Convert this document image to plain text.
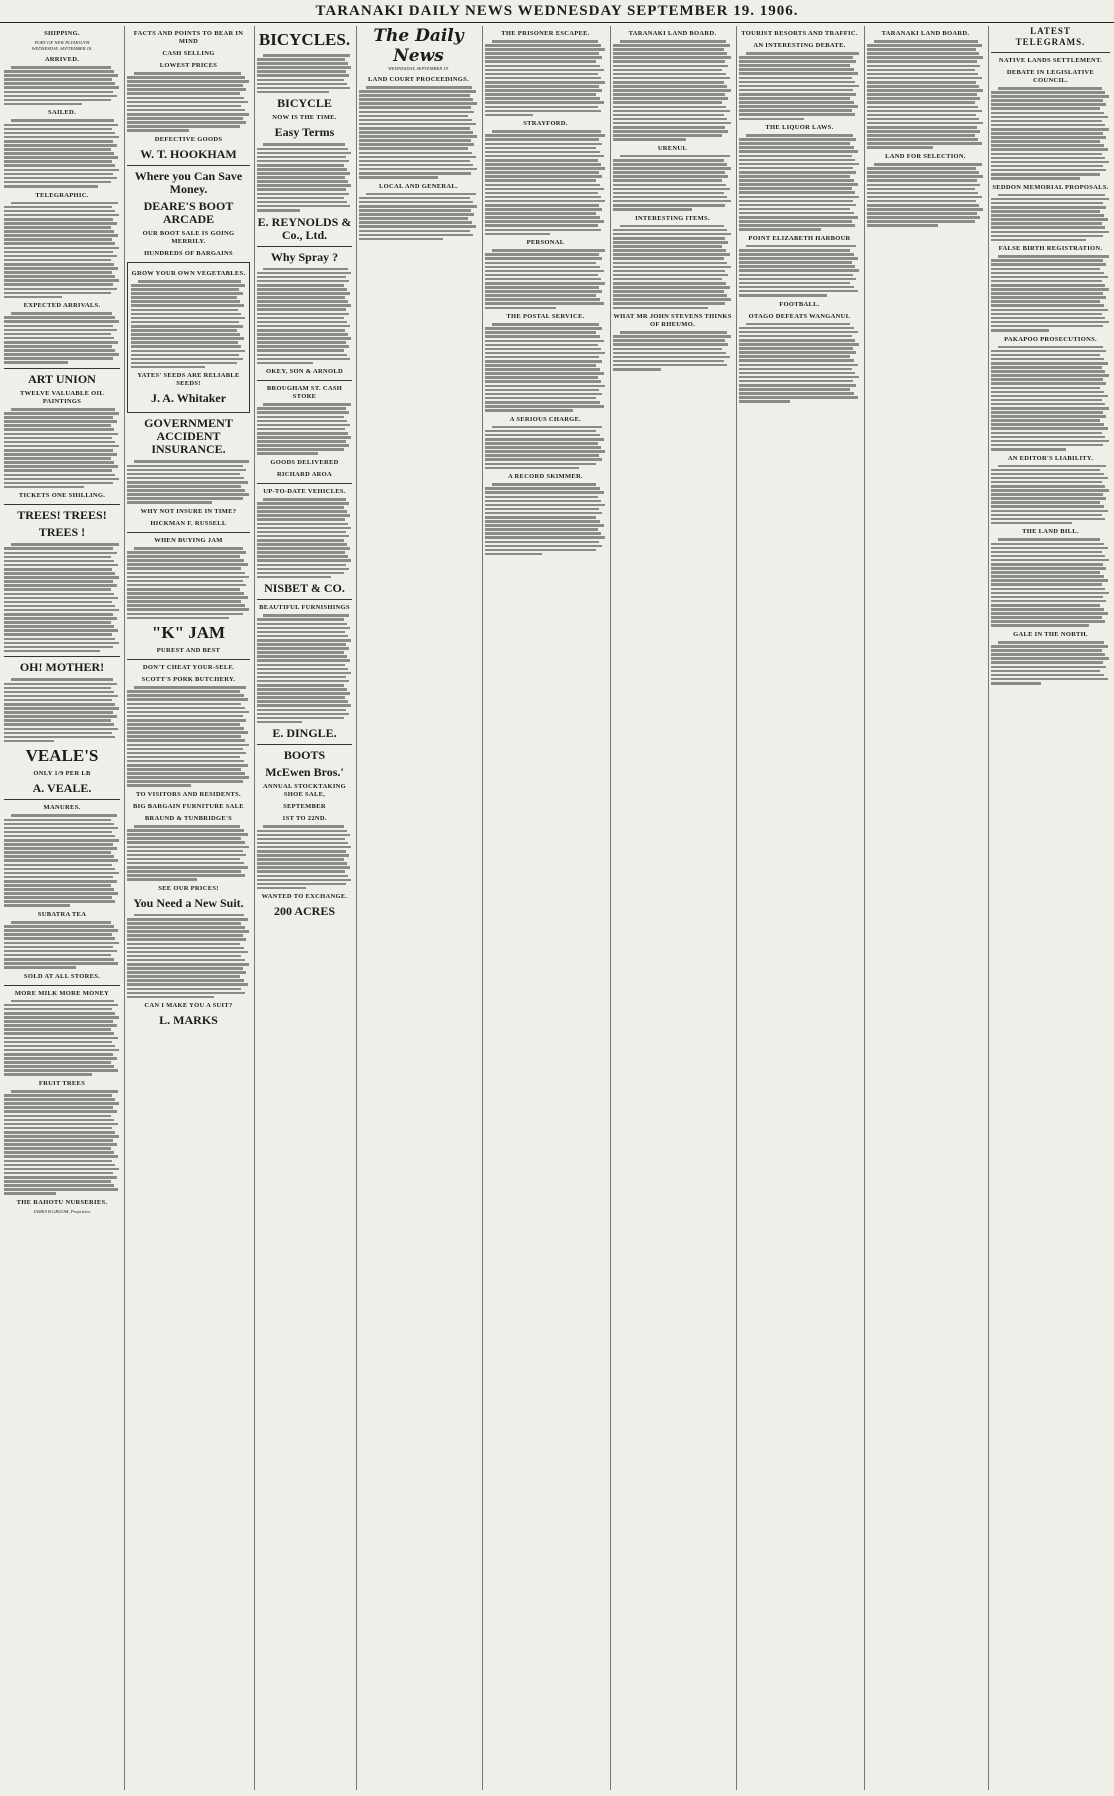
TARANAKI DAILY NEWS WEDNESDAY SEPTEMBER 19. 1906.
SHIPPING.
PORT OF NEW PLYMOUTH
WEDNESDAY, SEPTEMBER 18.
ARRIVED.
SAILED.
TELEGRAPHIC.
EXPECTED ARRIVALS.
ART UNION
TWELVE VALUABLE OIL PAINTINGS
TICKETS ONE SHILLING.
TREES! TREES!
TREES !
OH! MOTHER!
VEALE'S
ONLY 1/9 PER LB
A. VEALE.
MANURES.
SUBATRA TEA
SOLD AT ALL STORES.
MORE MILK MORE MONEY
FRUIT TREES
THE RAHOTU NURSERIES.
JAMES B GROOM, Proprietor.
FACTS AND POINTS TO BEAR IN MIND
CASH SELLING
LOWEST PRICES
DEFECTIVE GOODS
W. T. HOOKHAM
Where you Can Save Money.
DEARE'S BOOT ARCADE
OUR BOOT SALE IS GOING MERRILY.
HUNDREDS OF BARGAINS
GROW YOUR OWN VEGETABLES.
YATES' SEEDS ARE RELIABLE SEEDS!
J. A. Whitaker
GOVERNMENT ACCIDENT INSURANCE.
WHY NOT INSURE IN TIME?
HICKMAN F. RUSSELL
WHEN BUYING JAM
"K" JAM
PUREST AND BEST
DON'T CHEAT YOUR-SELF.
SCOTT'S PORK BUTCHERY.
TO VISITORS AND RESIDENTS.
BIG BARGAIN FURNITURE SALE
BRAUND & TUNBRIDGE'S
SEE OUR PRICES!
You Need a New Suit.
CAN I MAKE YOU A SUIT?
L. MARKS
BICYCLES.
BICYCLE
NOW IS THE TIME.
Easy Terms
E. REYNOLDS & Co., Ltd.
Why Spray ?
OKEY, SON & ARNOLD
BROUGHAM ST. CASH STORE
GOODS DELIVERED
RICHARD AROA
UP-TO-DATE VEHICLES.
NISBET & CO.
BEAUTIFUL FURNISHINGS
E. DINGLE.
BOOTS
McEwen Bros.'
ANNUAL STOCKTAKING SHOE SALE,
SEPTEMBER
1ST TO 22ND.
WANTED TO EXCHANGE.
200 ACRES
The Daily News
WEDNESDAY, SEPTEMBER 19.
LAND COURT PROCEEDINGS.
LOCAL AND GENERAL.
THE PRISONER ESCAPEE.
STRAYFORD.
PERSONAL
THE POSTAL SERVICE.
A SERIOUS CHARGE.
A RECORD SKIMMER.
TARANAKI LAND BOARD.
URENUI.
INTERESTING ITEMS.
WHAT MR JOHN STEVENS THINKS OF RHEUMO.
TOURIST RESORTS AND TRAFFIC.
AN INTERESTING DEBATE.
THE LIQUOR LAWS.
POINT ELIZABETH HARBOUR
FOOTBALL.
OTAGO DEFEATS WANGANUI.
TARANAKI LAND BOARD.
LAND FOR SELECTION.
LATEST
TELEGRAMS.
NATIVE LANDS SETTLEMENT.
DEBATE IN LEGISLATIVE COUNCIL.
SEDDON MEMORIAL PROPOSALS.
FALSE BIRTH REGISTRATION.
PAKAPOO PROSECUTIONS.
AN EDITOR'S LIABILITY.
THE LAND BILL.
GALE IN THE NORTH.
